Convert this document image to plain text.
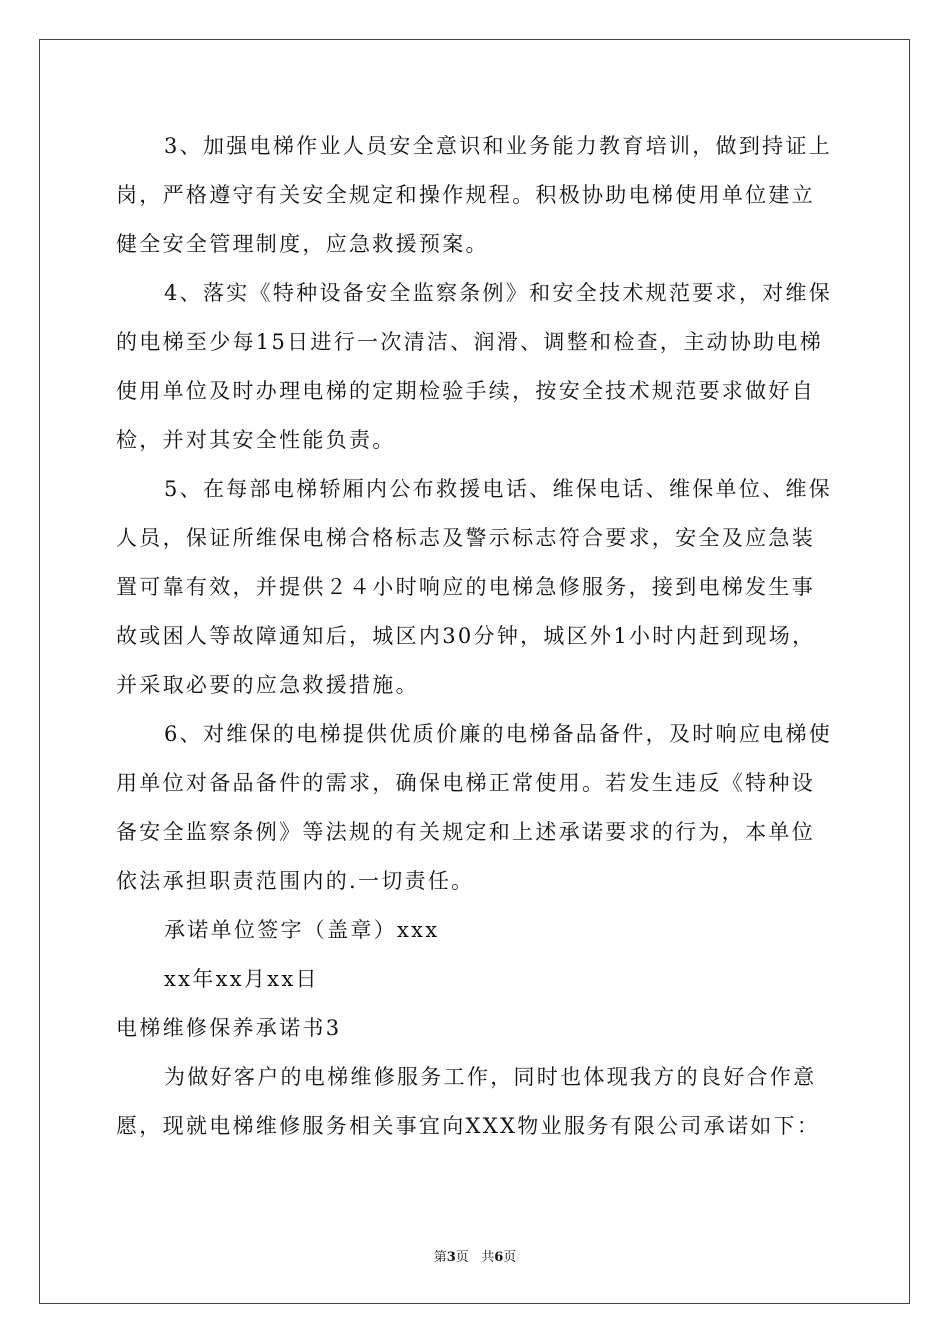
3、加强电梯作业人员安全意识和业务能力教育培训，做到持证上岗，严格遵守有关安全规定和操作规程。积极协助电梯使用单位建立健全安全管理制度，应急救援预案。

4、落实《特种设备安全监察条例》和安全技术规范要求，对维保的电梯至少每15日进行一次清洁、润滑、调整和检查，主动协助电梯使用单位及时办理电梯的定期检验手续，按安全技术规范要求做好自检，并对其安全性能负责。

5、在每部电梯轿厢内公布救援电话、维保电话、维保单位、维保人员，保证所维保电梯合格标志及警示标志符合要求，安全及应急装置可靠有效，并提供２４小时响应的电梯急修服务，接到电梯发生事故或困人等故障通知后，城区内30分钟，城区外1小时内赶到现场，并采取必要的应急救援措施。

6、对维保的电梯提供优质价廉的电梯备品备件，及时响应电梯使用单位对备品备件的需求，确保电梯正常使用。若发生违反《特种设备安全监察条例》等法规的有关规定和上述承诺要求的行为，本单位依法承担职责范围内的.一切责任。

承诺单位签字（盖章）xxx

xx年xx月xx日

电梯维修保养承诺书3

为做好客户的电梯维修服务工作，同时也体现我方的良好合作意愿，现就电梯维修服务相关事宜向XXX物业服务有限公司承诺如下：

第3页 共6页
